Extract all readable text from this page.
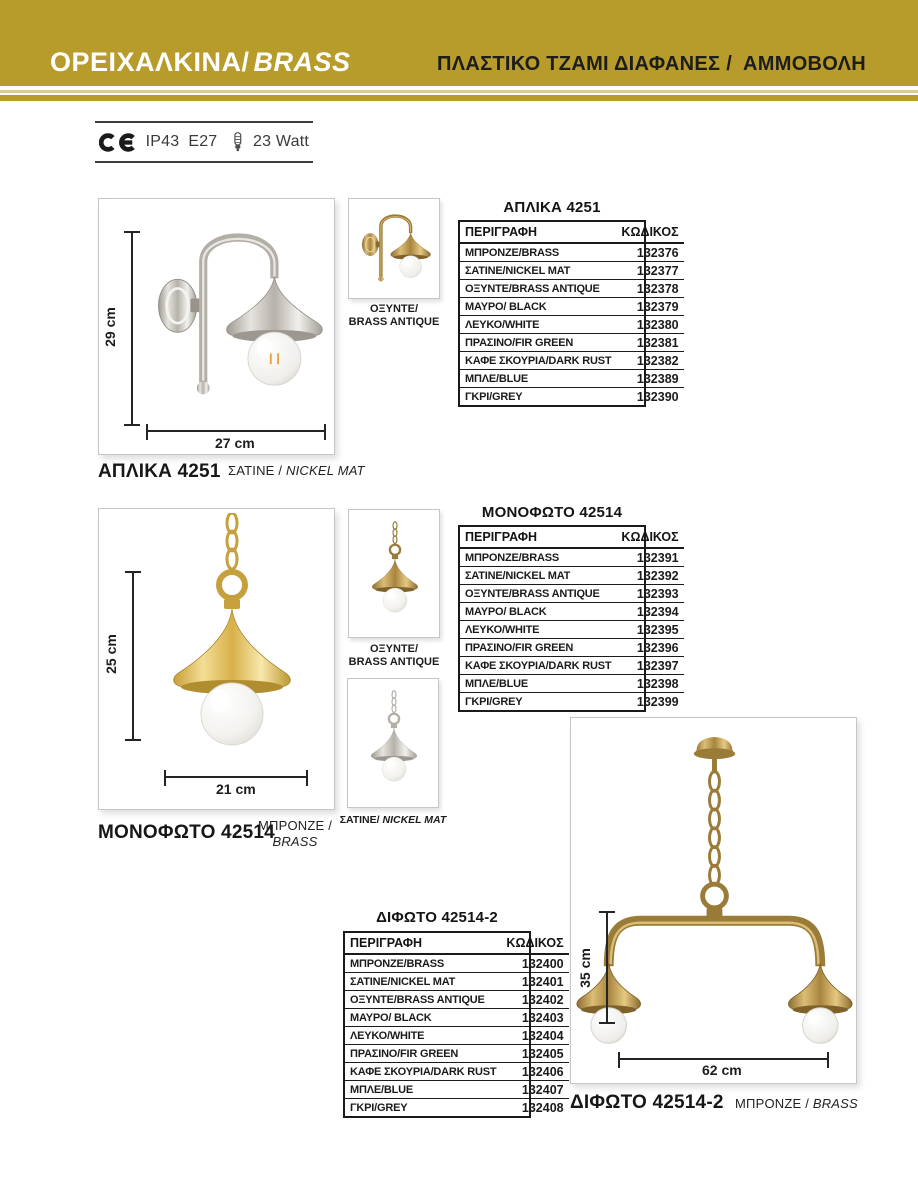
ΟΡΕΙΧΑΛΚΙΝΑ/ BRASS	ΠΛΑΣΤΙΚΟ ΤΖΑΜΙ ΔΙΑΦΑΝΕΣ /  ΑΜΜΟΒΟΛΗ
IP43 E27 23 Watt
29 cm
27 cm
ΑΠΛΙΚΑ 4251 ΣΑΤΙΝΕ / NICKEL MAT
ΟΞΥΝΤΕ/
BRASS ANTIQUE
ΑΠΛΙΚΑ 4251
ΠΕΡΙΓΡΑΦΗ	ΚΩΔΙΚΟΣ
ΜΠΡΟΝΖΕ/BRASS	132376
ΣΑΤΙΝΕ/NICKEL MAT	132377
ΟΞΥΝΤΕ/BRASS ANTIQUE	132378
ΜΑΥΡΟ/ BLACK	132379
ΛΕΥΚΟ/WHITE	132380
ΠΡΑΣΙΝΟ/FIR GREEN	132381
ΚΑΦΕ ΣΚΟΥΡΙΑ/DARK RUST	132382
ΜΠΛΕ/BLUE	132389
ΓΚΡΙ/GREY	132390
25 cm
21 cm
ΜΟΝΟΦΩΤΟ 42514
ΜΠΡΟΝΖΕ /
BRASS
ΟΞΥΝΤΕ/
BRASS ANTIQUE
ΣΑΤΙΝΕ/ NICKEL MAT
ΜΟΝΟΦΩΤΟ 42514
ΠΕΡΙΓΡΑΦΗ	ΚΩΔΙΚΟΣ
ΜΠΡΟΝΖΕ/BRASS	132391
ΣΑΤΙΝΕ/NICKEL MAT	132392
ΟΞΥΝΤΕ/BRASS ANTIQUE	132393
ΜΑΥΡΟ/ BLACK	132394
ΛΕΥΚΟ/WHITE	132395
ΠΡΑΣΙΝΟ/FIR GREEN	132396
ΚΑΦΕ ΣΚΟΥΡΙΑ/DARK RUST	132397
ΜΠΛΕ/BLUE	132398
ΓΚΡΙ/GREY	132399
ΔΙΦΩΤΟ 42514-2
ΠΕΡΙΓΡΑΦΗ	ΚΩΔΙΚΟΣ
ΜΠΡΟΝΖΕ/BRASS	132400
ΣΑΤΙΝΕ/NICKEL MAT	132401
ΟΞΥΝΤΕ/BRASS ANTIQUE	132402
ΜΑΥΡΟ/ BLACK	132403
ΛΕΥΚΟ/WHITE	132404
ΠΡΑΣΙΝΟ/FIR GREEN	132405
ΚΑΦΕ ΣΚΟΥΡΙΑ/DARK RUST	132406
ΜΠΛΕ/BLUE	132407
ΓΚΡΙ/GREY	132408
35 cm
62 cm
ΔΙΦΩΤΟ 42514-2 ΜΠΡΟΝΖΕ / BRASS
